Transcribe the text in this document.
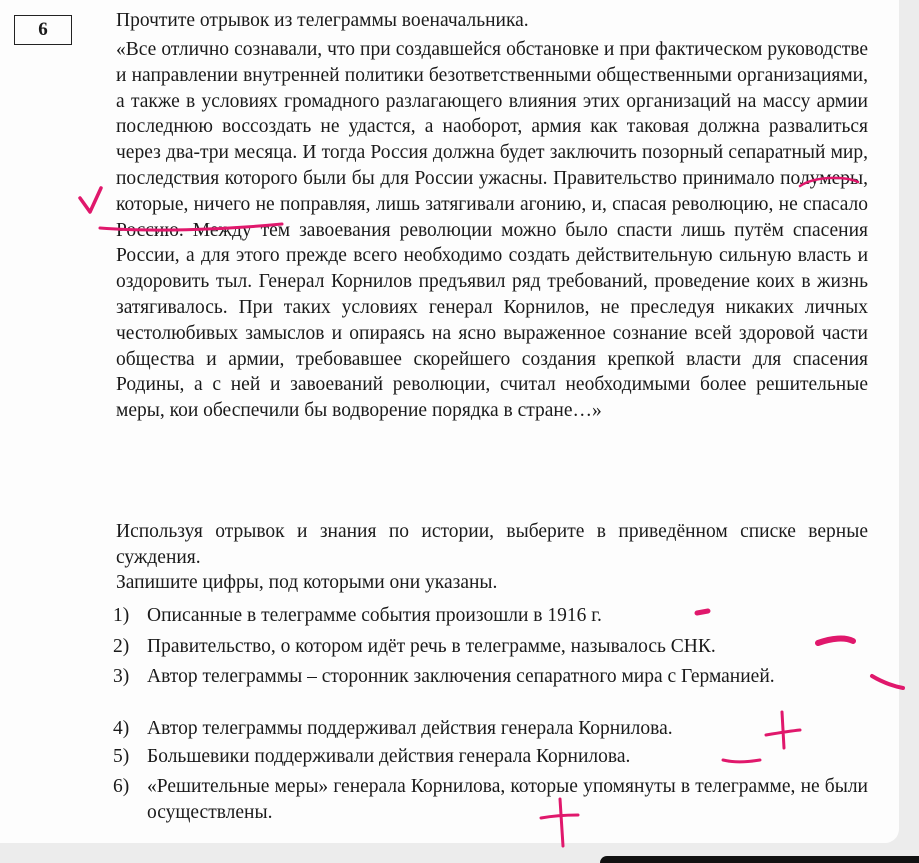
6	Прочтите отрывок из телеграммы военачальника.
«Все отлично сознавали, что при создавшейся обстановке и при фактическом руководстве и направлении внутренней политики безответственными общественными организациями, а также в условиях громадного разлагающего влияния этих организаций на массу армии последнюю воссоздать не удастся, а наоборот, армия как таковая должна развалиться через два-три месяца. И тогда Россия должна будет заключить позорный сепаратный мир, последствия которого были бы для России ужасны. Правительство принимало полумеры, которые, ничего не поправляя, лишь затягивали агонию, и, спасая революцию, не спасало Россию. Между тем завоевания революции можно было спасти лишь путём спасения России, а для этого прежде всего необходимо создать действительную сильную власть и оздоровить тыл. Генерал Корнилов предъявил ряд требований, проведение коих в жизнь затягивалось. При таких условиях генерал Корнилов, не преследуя никаких личных честолюбивых замыслов и опираясь на ясно выраженное сознание всей здоровой части общества и армии, требовавшее скорейшего создания крепкой власти для спасения Родины, а с ней и завоеваний революции, считал необходимыми более решительные меры, кои обеспечили бы водворение порядка в стране…»
Используя отрывок и знания по истории, выберите в приведённом списке верные суждения.
Запишите цифры, под которыми они указаны.
1) Описанные в телеграмме события произошли в 1916 г.
2) Правительство, о котором идёт речь в телеграмме, называлось СНК.
3) Автор телеграммы – сторонник заключения сепаратного мира с Германией.
4) Автор телеграммы поддерживал действия генерала Корнилова.
5) Большевики поддерживали действия генерала Корнилова.
6) «Решительные меры» генерала Корнилова, которые упомянуты в телеграмме, не были осуществлены.
